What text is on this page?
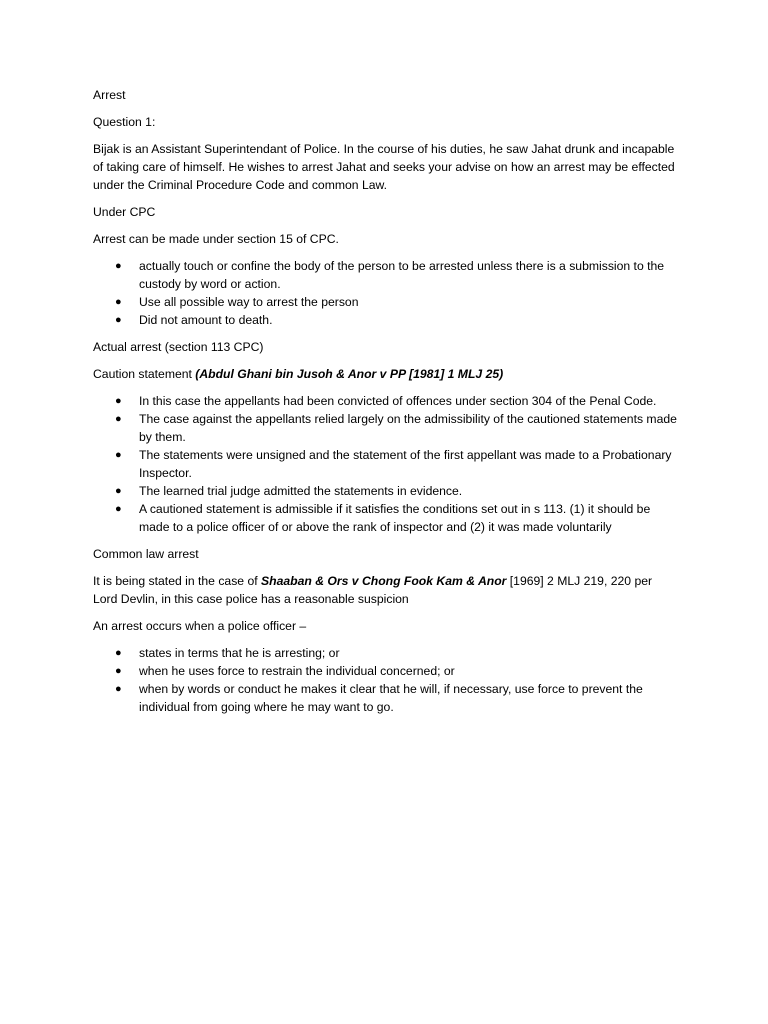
Arrest

Question 1:

Bijak is an Assistant Superintendant of Police. In the course of his duties, he saw Jahat drunk and incapable of taking care of himself. He wishes to arrest Jahat and seeks your advise on how an arrest may be effected under the Criminal Procedure Code and common Law.

Under CPC

Arrest can be made under section 15 of CPC.

● actually touch or confine the body of the person to be arrested unless there is a submission to the custody by word or action.
● Use all possible way to arrest the person
● Did not amount to death.

Actual arrest (section 113 CPC)

Caution statement (Abdul Ghani bin Jusoh & Anor v PP [1981] 1 MLJ 25)

● In this case the appellants had been convicted of offences under section 304 of the Penal Code.
● The case against the appellants relied largely on the admissibility of the cautioned statements made by them.
● The statements were unsigned and the statement of the first appellant was made to a Probationary Inspector.
● The learned trial judge admitted the statements in evidence.
● A cautioned statement is admissible if it satisfies the conditions set out in s 113. (1) it should be made to a police officer of or above the rank of inspector and (2) it was made voluntarily

Common law arrest

It is being stated in the case of Shaaban & Ors v Chong Fook Kam & Anor [1969] 2 MLJ 219, 220 per Lord Devlin, in this case police has a reasonable suspicion

An arrest occurs when a police officer –

● states in terms that he is arresting; or
● when he uses force to restrain the individual concerned; or
● when by words or conduct he makes it clear that he will, if necessary, use force to prevent the individual from going where he may want to go.
